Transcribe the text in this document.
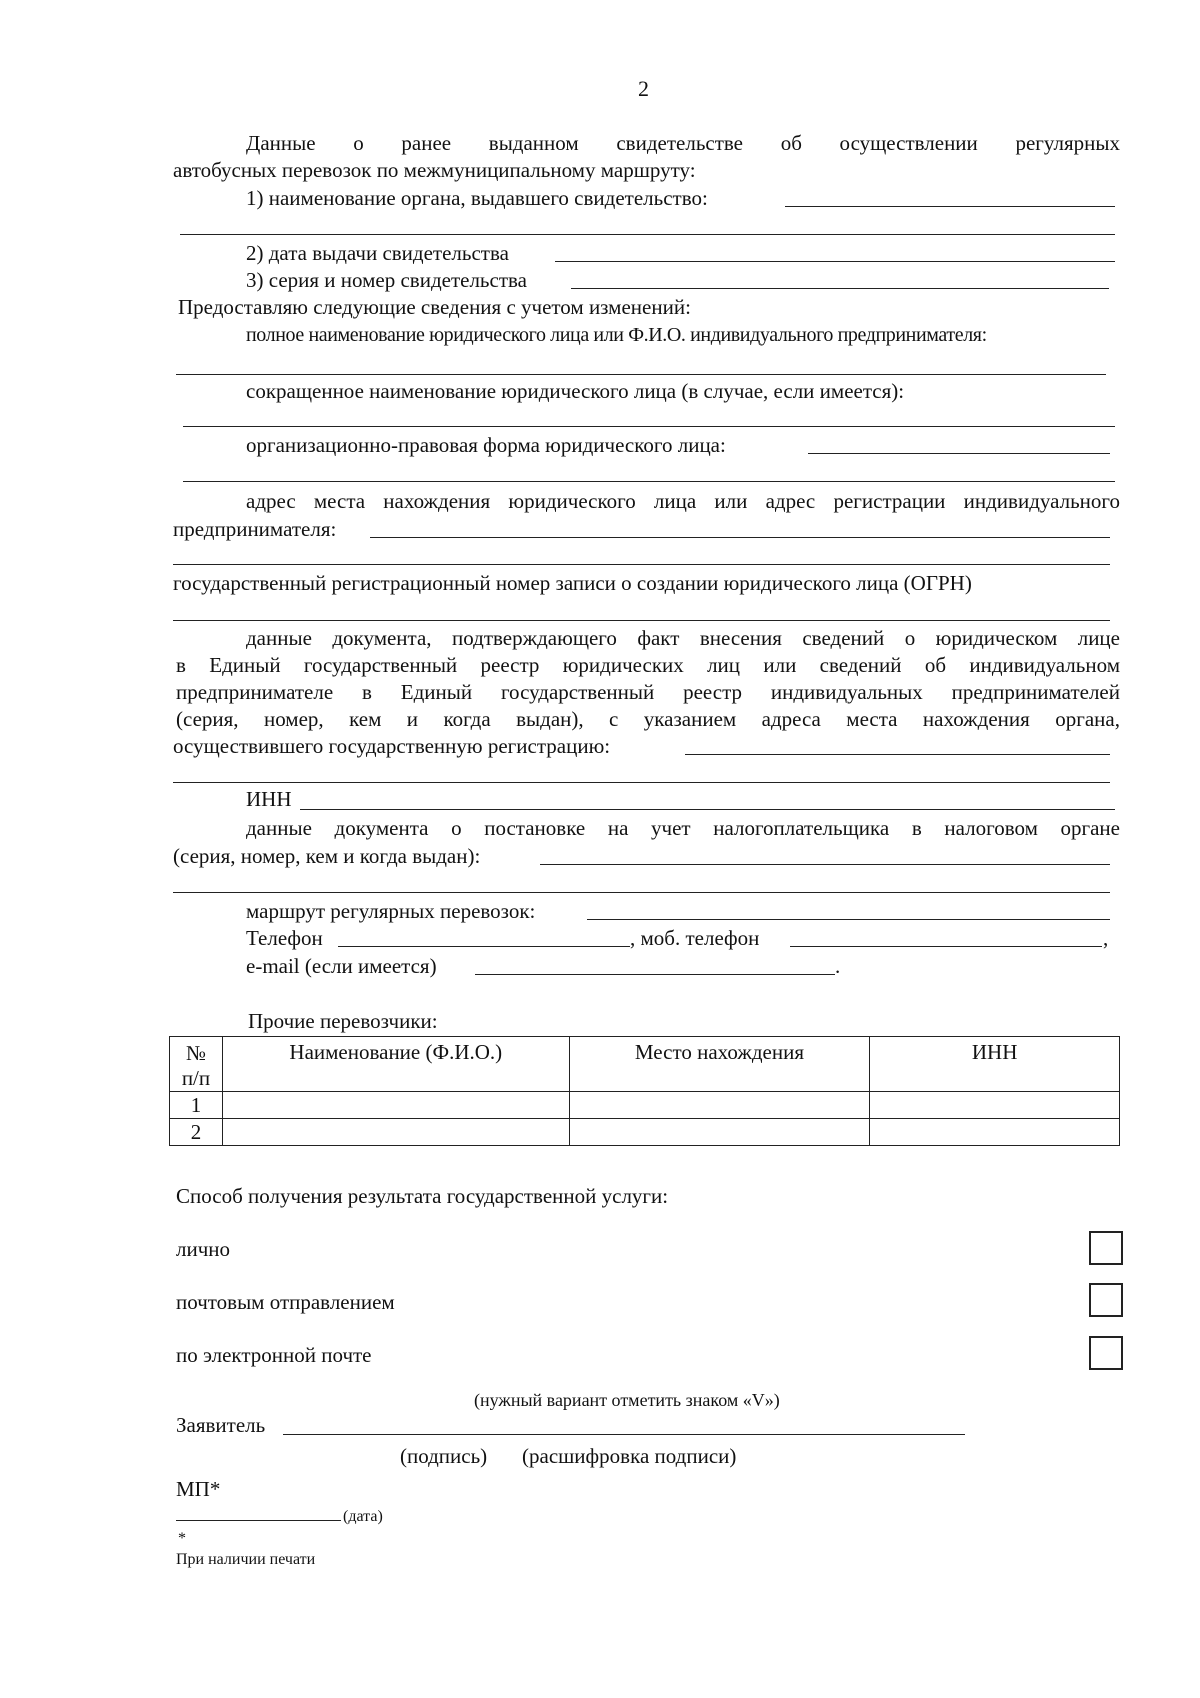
2
Данные о ранее выданном свидетельстве об осуществлении регулярных
автобусных перевозок по межмуниципальному маршруту:
1) наименование органа, выдавшего свидетельство:
2) дата выдачи свидетельства
3) серия и номер свидетельства
Предоставляю следующие сведения с учетом изменений:
полное наименование юридического лица или Ф.И.О. индивидуального предпринимателя:
сокращенное наименование юридического лица (в случае, если имеется):
организационно-правовая форма юридического лица:
адрес места нахождения юридического лица или адрес регистрации индивидуального
предпринимателя:
государственный регистрационный номер записи о создании юридического лица (ОГРН)
данные документа, подтверждающего факт внесения сведений о юридическом лице
в Единый государственный реестр юридических лиц или сведений об индивидуальном
предпринимателе в Единый государственный реестр индивидуальных предпринимателей
(серия, номер, кем и когда выдан), с указанием адреса места нахождения органа,
осуществившего государственную регистрацию:
ИНН
данные документа о постановке на учет налогоплательщика в налоговом органе
(серия, номер, кем и когда выдан):
маршрут регулярных перевозок:
Телефон	, моб. телефон	,
e-mail (если имеется)	.
Прочие перевозчики:
№ п/п	Наименование (Ф.И.О.)	Место нахождения	ИНН
1			
2			
Способ получения результата государственной услуги:
лично
почтовым отправлением
по электронной почте
(нужный вариант отметить знаком «V»)
Заявитель
(подпись) (расшифровка подписи)
МП*
(дата)
*
При наличии печати
